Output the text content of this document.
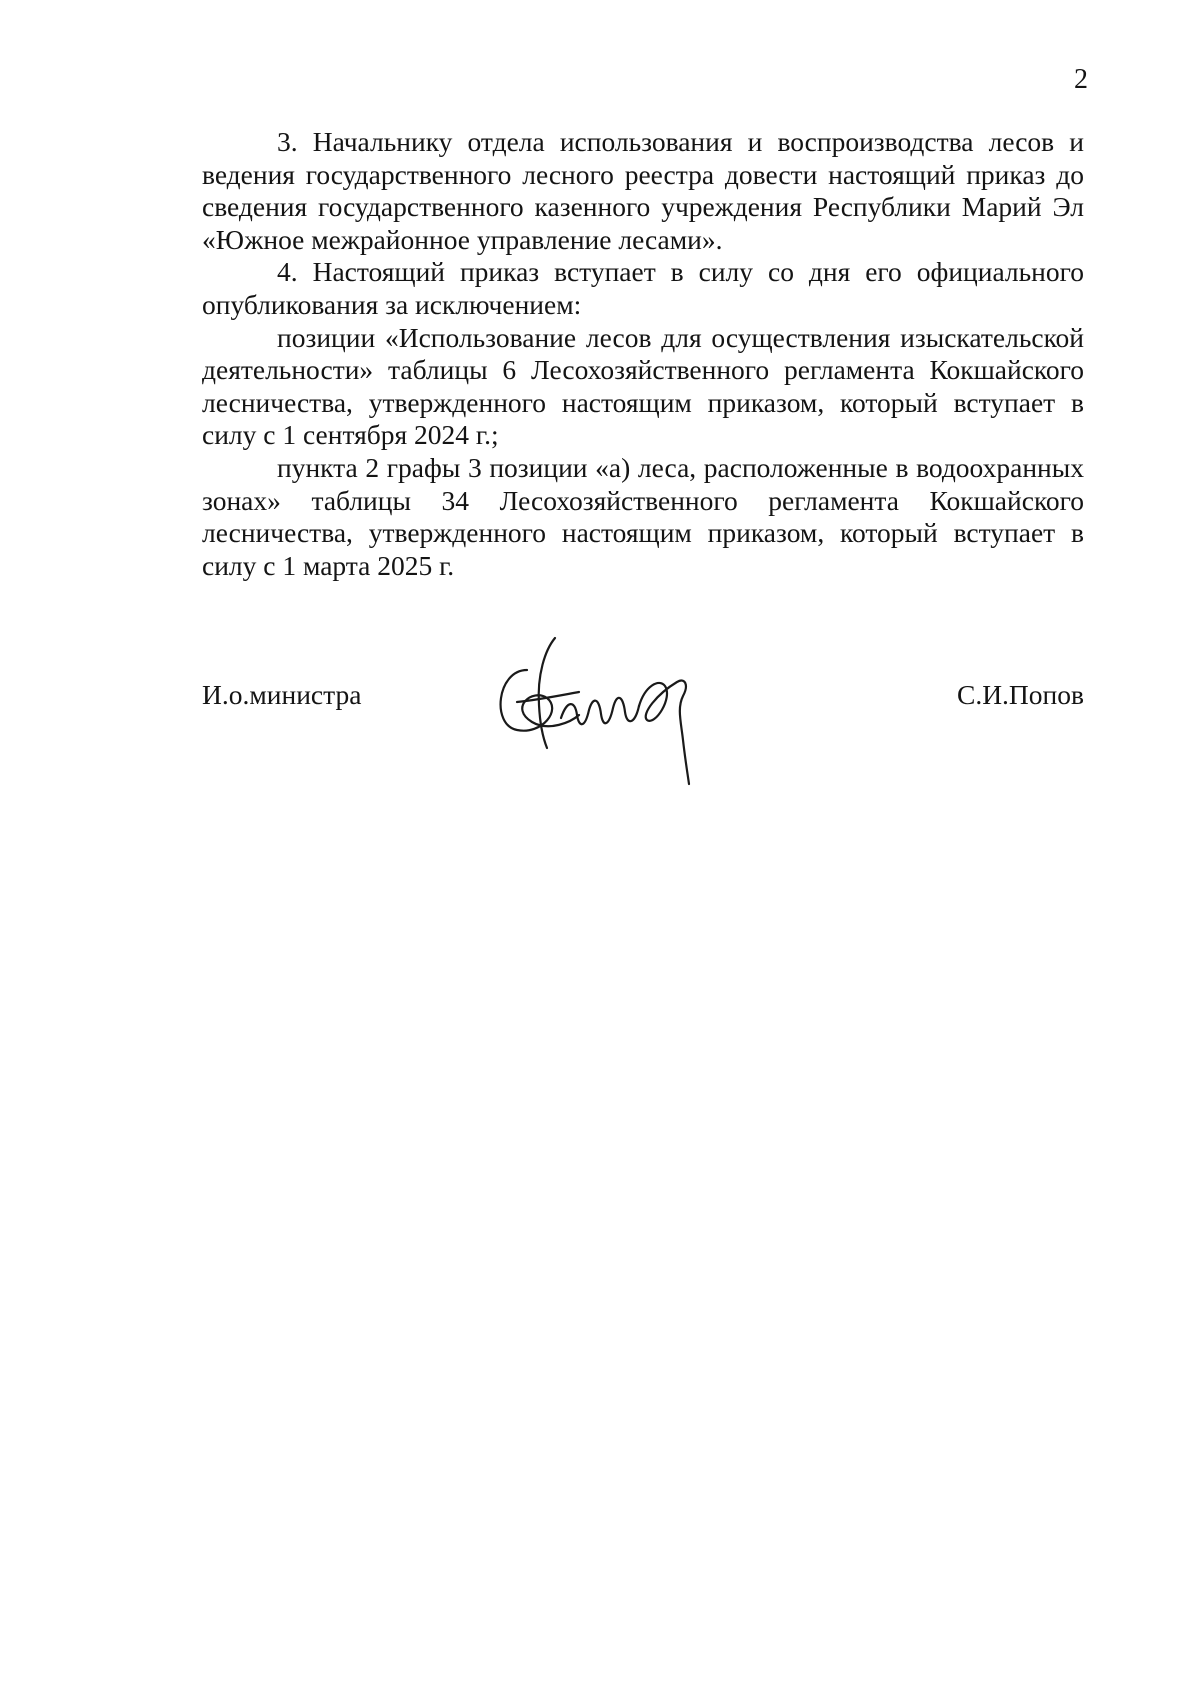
2

3. Начальнику отдела использования и воспроизводства лесов и ведения государственного лесного реестра довести настоящий приказ до сведения государственного казенного учреждения Республики Марий Эл «Южное межрайонное управление лесами».

4. Настоящий приказ вступает в силу со дня его официального опубликования за исключением:

позиции «Использование лесов для осуществления изыскательской деятельности» таблицы 6 Лесохозяйственного регламента Кокшайского лесничества, утвержденного настоящим приказом, который вступает в силу с 1 сентября 2024 г.;

пункта 2 графы 3 позиции «а) леса, расположенные в водоохранных зонах» таблицы 34 Лесохозяйственного регламента Кокшайского лесничества, утвержденного настоящим приказом, который вступает в силу с 1 марта 2025 г.

И.о.министра	С.И.Попов
